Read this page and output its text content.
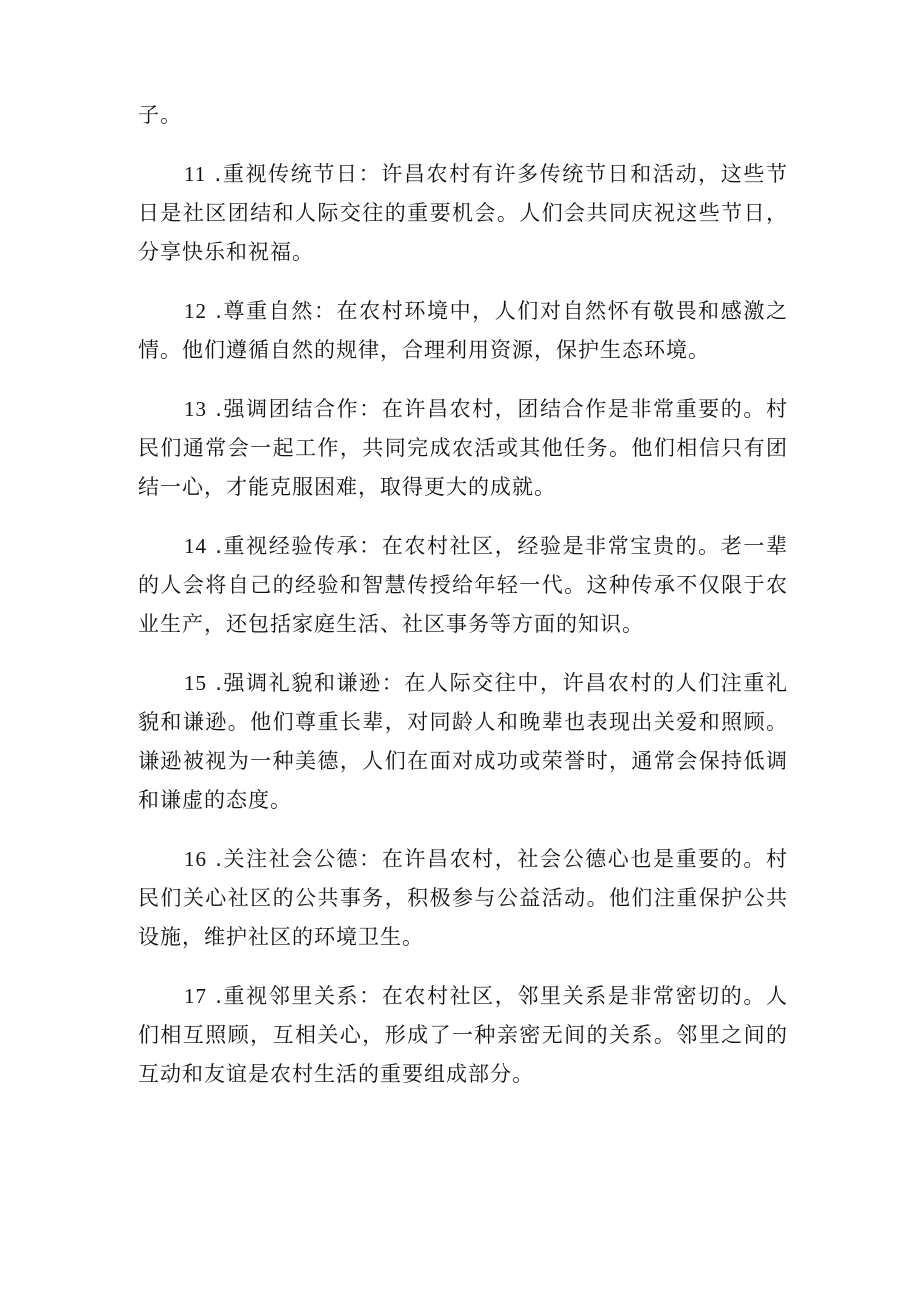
子。

11 .重视传统节日：许昌农村有许多传统节日和活动，这些节日是社区团结和人际交往的重要机会。人们会共同庆祝这些节日，分享快乐和祝福。

12 .尊重自然：在农村环境中，人们对自然怀有敬畏和感激之情。他们遵循自然的规律，合理利用资源，保护生态环境。

13 .强调团结合作：在许昌农村，团结合作是非常重要的。村民们通常会一起工作，共同完成农活或其他任务。他们相信只有团结一心，才能克服困难，取得更大的成就。

14 .重视经验传承：在农村社区，经验是非常宝贵的。老一辈的人会将自己的经验和智慧传授给年轻一代。这种传承不仅限于农业生产，还包括家庭生活、社区事务等方面的知识。

15 .强调礼貌和谦逊：在人际交往中，许昌农村的人们注重礼貌和谦逊。他们尊重长辈，对同龄人和晚辈也表现出关爱和照顾。谦逊被视为一种美德，人们在面对成功或荣誉时，通常会保持低调和谦虚的态度。

16 .关注社会公德：在许昌农村，社会公德心也是重要的。村民们关心社区的公共事务，积极参与公益活动。他们注重保护公共设施，维护社区的环境卫生。

17 .重视邻里关系：在农村社区，邻里关系是非常密切的。人们相互照顾，互相关心，形成了一种亲密无间的关系。邻里之间的互动和友谊是农村生活的重要组成部分。
